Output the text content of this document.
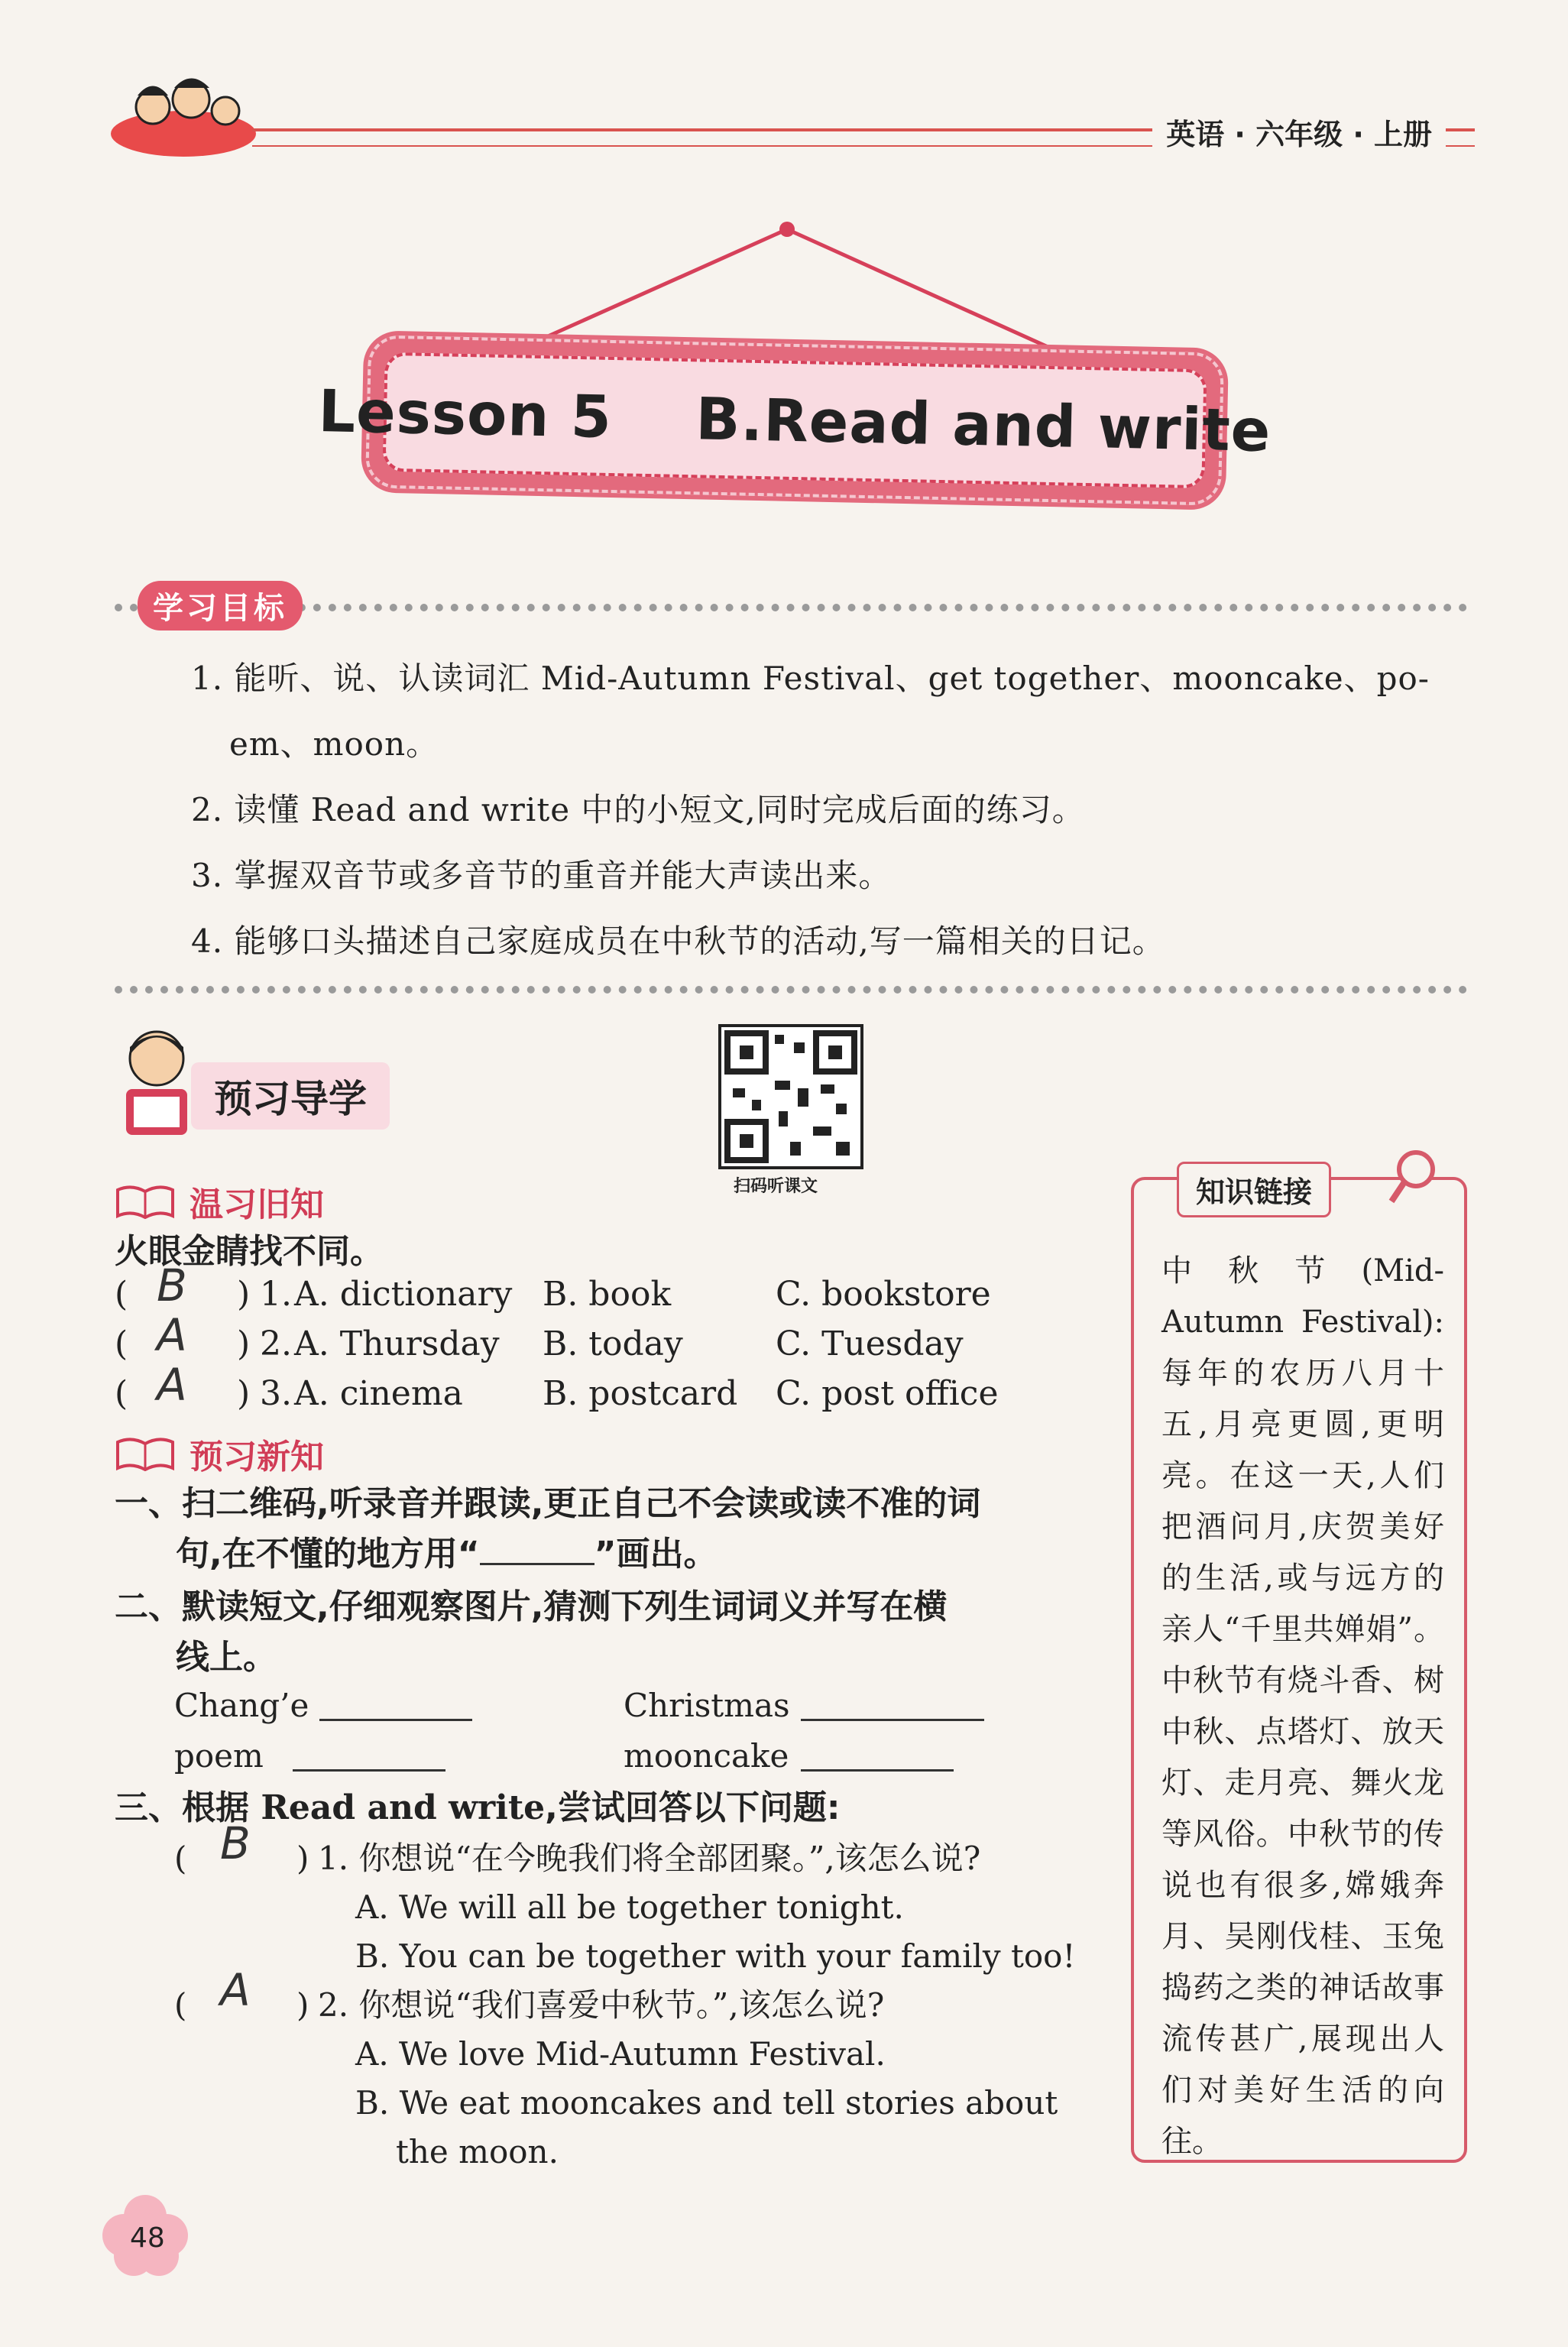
英语 · 六年级 · 上册
Lesson 5    B.Read and write
学习目标
1. 能听、说、认读词汇 Mid-Autumn Festival、get together、mooncake、po-
em、moon。
2. 读懂 Read and write 中的小短文,同时完成后面的练习。
3. 掌握双音节或多音节的重音并能大声读出来。
4. 能够口头描述自己家庭成员在中秋节的活动,写一篇相关的日记。
预习导学
扫码听课文
温习旧知
火眼金睛找不同。
( B ) 1. A. dictionary B. book	C. bookstore
( A ) 2. A. Thursday B. today	C. Tuesday
( A ) 3. A. cinema B. postcard C. post office
预习新知
一、扫二维码,听录音并跟读,更正自己不会读或读不准的词
句,在不懂的地方用“	”画出。
二、默读短文,仔细观察图片,猜测下列生词词义并写在横
线上。
Chang’e	Christmas
poem	mooncake
三、根据 Read and write,尝试回答以下问题:
( B ) 1. 你想说“在今晚我们将全部团聚。”,该怎么说?
A. We will all be together tonight.
B. You can be together with your family too!
( A ) 2. 你想说“我们喜爱中秋节。”,该怎么说?
A. We love Mid-Autumn Festival.
B. We eat mooncakes and tell stories about
the moon.
知识链接
中秋节(Mid-Autumn Festival):每年的农历八月十五,月亮更圆,更明亮。在这一天,人们把酒问月,庆贺美好的生活,或与远方的亲人“千里共婵娟”。中秋节有烧斗香、树中秋、点塔灯、放天灯、走月亮、舞火龙等风俗。中秋节的传说也有很多,嫦娥奔月、吴刚伐桂、玉兔捣药之类的神话故事流传甚广,展现出人们对美好生活的向往。
48
